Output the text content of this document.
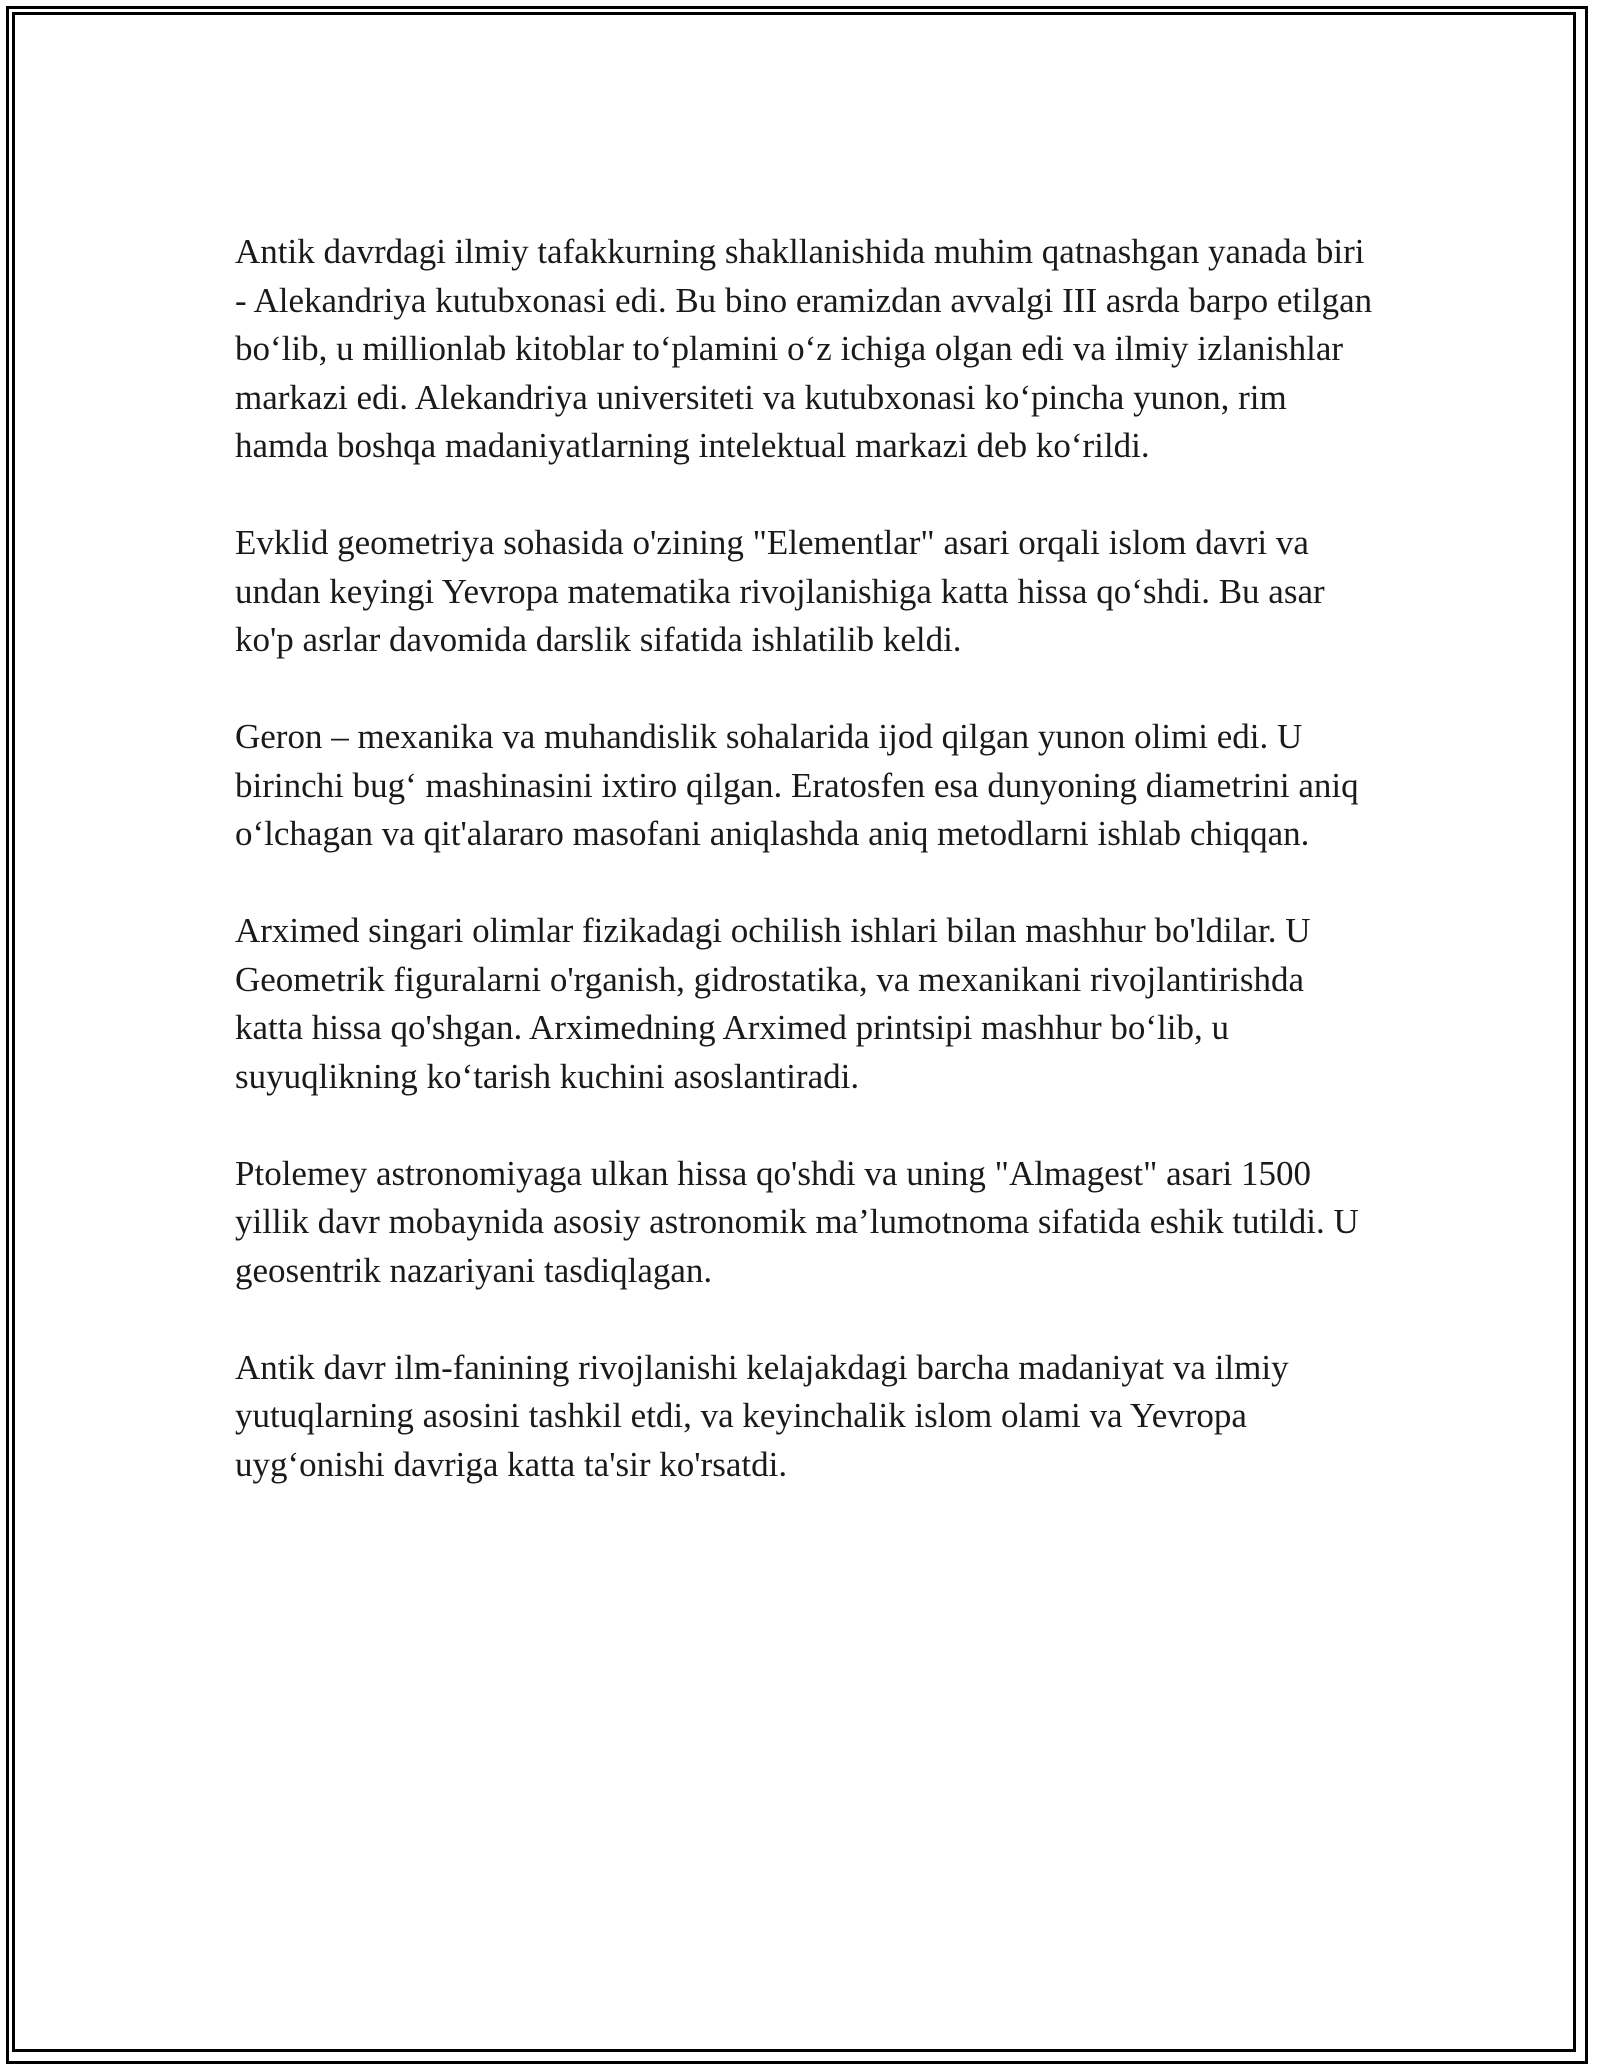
Antik davrdagi ilmiy tafakkurning shakllanishida muhim qatnashgan yanada biri - Alekandriya kutubxonasi edi. Bu bino eramizdan avvalgi III asrda barpo etilgan bo‘lib, u millionlab kitoblar to‘plamini o‘z ichiga olgan edi va ilmiy izlanishlar markazi edi. Alekandriya universiteti va kutubxonasi ko‘pincha yunon, rim hamda boshqa madaniyatlarning intelektual markazi deb ko‘rildi.

Evklid geometriya sohasida o'zining "Elementlar" asari orqali islom davri va undan keyingi Yevropa matematika rivojlanishiga katta hissa qo‘shdi. Bu asar ko'p asrlar davomida darslik sifatida ishlatilib keldi.

Geron – mexanika va muhandislik sohalarida ijod qilgan yunon olimi edi. U birinchi bug‘ mashinasini ixtiro qilgan. Eratosfen esa dunyoning diametrini aniq o‘lchagan va qit'alararo masofani aniqlashda aniq metodlarni ishlab chiqqan.

Arximed singari olimlar fizikadagi ochilish ishlari bilan mashhur bo'ldilar. U Geometrik figuralarni o'rganish, gidrostatika, va mexanikani rivojlantirishda katta hissa qo'shgan. Arximedning Arximed printsipi mashhur bo‘lib, u suyuqlikning ko‘tarish kuchini asoslantiradi.

Ptolemey astronomiyaga ulkan hissa qo'shdi va uning "Almagest" asari 1500 yillik davr mobaynida asosiy astronomik ma’lumotnoma sifatida eshik tutildi. U geosentrik nazariyani tasdiqlagan.

Antik davr ilm-fanining rivojlanishi kelajakdagi barcha madaniyat va ilmiy yutuqlarning asosini tashkil etdi, va keyinchalik islom olami va Yevropa uyg‘onishi davriga katta ta'sir ko'rsatdi.
